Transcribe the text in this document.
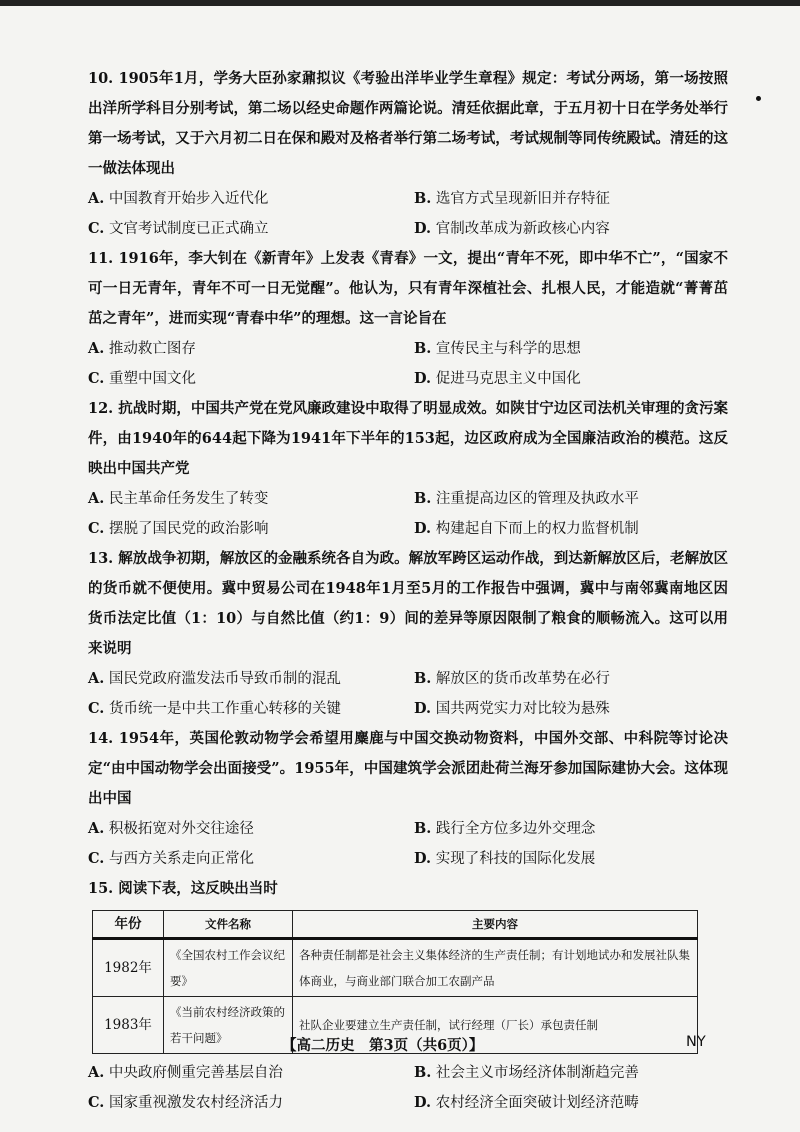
10. 1905年1月，学务大臣孙家鼐拟议《考验出洋毕业学生章程》规定：考试分两场，第一场按照出洋所学科目分别考试，第二场以经史命题作两篇论说。清廷依据此章，于五月初十日在学务处举行第一场考试，又于六月初二日在保和殿对及格者举行第二场考试，考试规制等同传统殿试。清廷的这一做法体现出
A. 中国教育开始步入近代化	B. 选官方式呈现新旧并存特征
C. 文官考试制度已正式确立	D. 官制改革成为新政核心内容
11. 1916年，李大钊在《新青年》上发表《青春》一文，提出“青年不死，即中华不亡”，“国家不可一日无青年，青年不可一日无觉醒”。他认为，只有青年深植社会、扎根人民，才能造就“菁菁茁茁之青年”，进而实现“青春中华”的理想。这一言论旨在
A. 推动救亡图存	B. 宣传民主与科学的思想
C. 重塑中国文化	D. 促进马克思主义中国化
12. 抗战时期，中国共产党在党风廉政建设中取得了明显成效。如陕甘宁边区司法机关审理的贪污案件，由1940年的644起下降为1941年下半年的153起，边区政府成为全国廉洁政治的模范。这反映出中国共产党
A. 民主革命任务发生了转变	B. 注重提高边区的管理及执政水平
C. 摆脱了国民党的政治影响	D. 构建起自下而上的权力监督机制
13. 解放战争初期，解放区的金融系统各自为政。解放军跨区运动作战，到达新解放区后，老解放区的货币就不便使用。冀中贸易公司在1948年1月至5月的工作报告中强调，冀中与南邻冀南地区因货币法定比值（1：10）与自然比值（约1：9）间的差异等原因限制了粮食的顺畅流入。这可以用来说明
A. 国民党政府滥发法币导致币制的混乱	B. 解放区的货币改革势在必行
C. 货币统一是中共工作重心转移的关键	D. 国共两党实力对比较为悬殊
14. 1954年，英国伦敦动物学会希望用麋鹿与中国交换动物资料，中国外交部、中科院等讨论决定“由中国动物学会出面接受”。1955年，中国建筑学会派团赴荷兰海牙参加国际建协大会。这体现出中国
A. 积极拓宽对外交往途径	B. 践行全方位多边外交理念
C. 与西方关系走向正常化	D. 实现了科技的国际化发展
15. 阅读下表，这反映出当时
年份	文件名称	主要内容
1982年	《全国农村工作会议纪要》	各种责任制都是社会主义集体经济的生产责任制；有计划地试办和发展社队集体商业，与商业部门联合加工农副产品
1983年	《当前农村经济政策的若干问题》	社队企业要建立生产责任制，试行经理（厂长）承包责任制
A. 中央政府侧重完善基层自治	B. 社会主义市场经济体制渐趋完善
C. 国家重视激发农村经济活力	D. 农村经济全面突破计划经济范畴
【高二历史　第3页（共6页）】	NY
